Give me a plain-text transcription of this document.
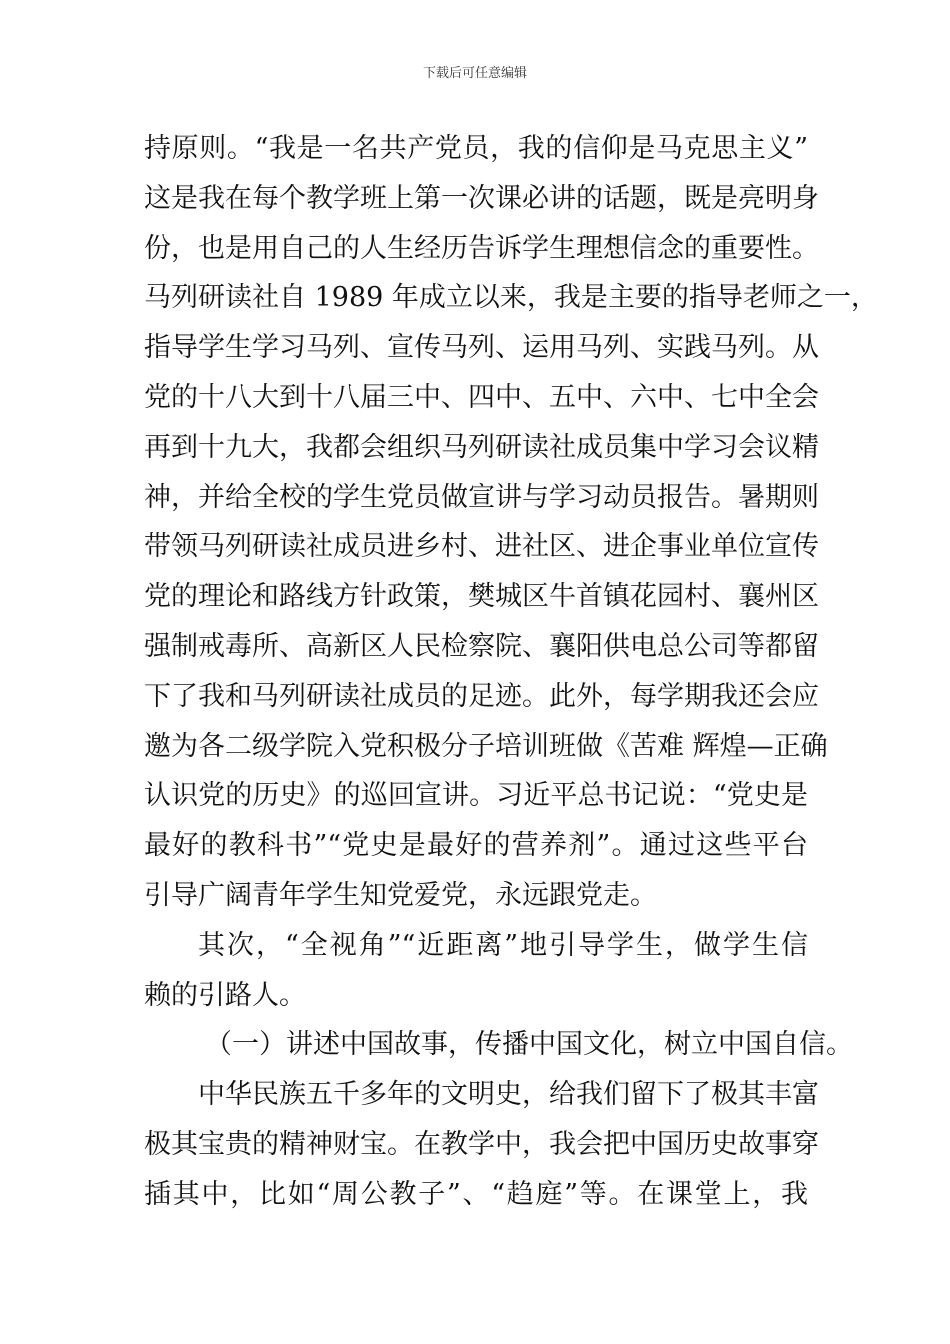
下载后可任意编辑
持原则。“我是一名共产党员，我的信仰是马克思主义”
这是我在每个教学班上第一次课必讲的话题，既是亮明身
份，也是用自己的人生经历告诉学生理想信念的重要性。
马列研读社自 1989 年成立以来，我是主要的指导老师之一，
指导学生学习马列、宣传马列、运用马列、实践马列。从
党的十八大到十八届三中、四中、五中、六中、七中全会
再到十九大，我都会组织马列研读社成员集中学习会议精
神，并给全校的学生党员做宣讲与学习动员报告。暑期则
带领马列研读社成员进乡村、进社区、进企事业单位宣传
党的理论和路线方针政策，樊城区牛首镇花园村、襄州区
强制戒毒所、高新区人民检察院、襄阳供电总公司等都留
下了我和马列研读社成员的足迹。此外，每学期我还会应
邀为各二级学院入党积极分子培训班做《苦难 辉煌—正确
认识党的历史》的巡回宣讲。习近平总书记说：“党史是
最好的教科书”“党史是最好的营养剂”。通过这些平台
引导广阔青年学生知党爱党，永远跟党走。
其次，“全视角”“近距离”地引导学生，做学生信
赖的引路人。
（一）讲述中国故事，传播中国文化，树立中国自信。
中华民族五千多年的文明史，给我们留下了极其丰富
极其宝贵的精神财宝。在教学中，我会把中国历史故事穿
插其中，比如“周公教子”、“趋庭”等。在课堂上，我
